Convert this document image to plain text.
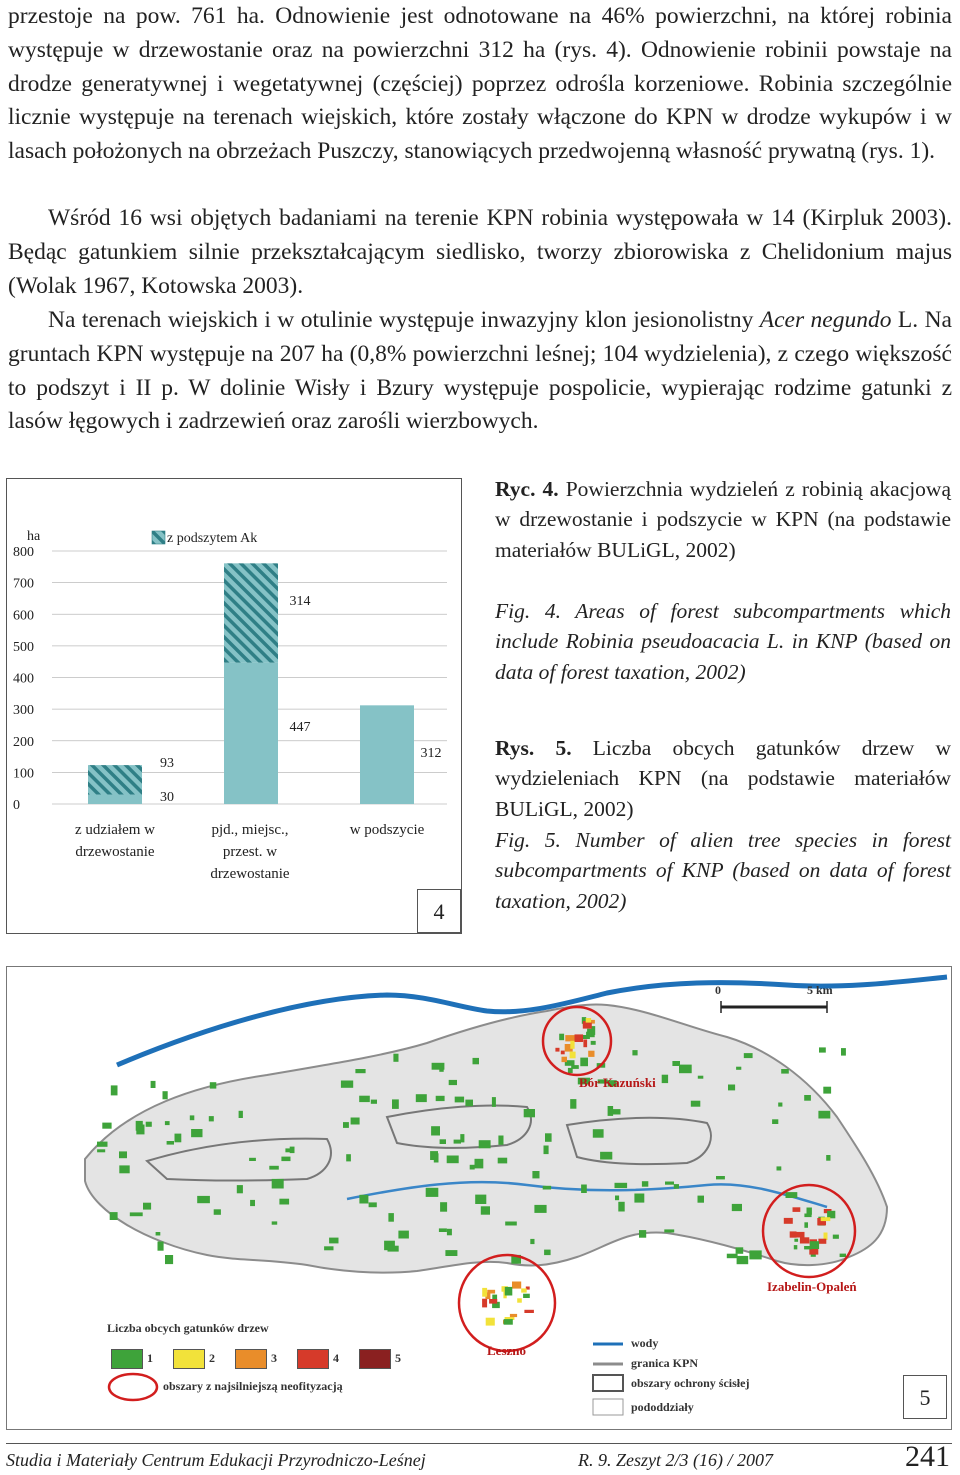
przestoje na pow. 761 ha. Odnowienie jest odnotowane na 46% powierzchni, na której robinia występuje w drzewostanie oraz na powierzchni 312 ha (rys. 4). Odnowienie robinii powstaje na drodze generatywnej i wegetatywnej (częściej) poprzez odrośla korzeniowe. Robinia szczególnie licznie występuje na terenach wiejskich, które zostały włączone do KPN w drodze wykupów i w lasach położonych na obrzeżach Puszczy, stanowiących przedwojenną własność prywatną (rys. 1).

Wśród 16 wsi objętych badaniami na terenie KPN robinia występowała w 14 (Kirpluk 2003). Będąc gatunkiem silnie przekształcającym siedlisko, tworzy zbiorowiska z Chelidonium majus (Wolak 1967, Kotowska 2003).

Na terenach wiejskich i w otulinie występuje inwazyjny klon jesionolistny Acer negundo L. Na gruntach KPN występuje na 207 ha (0,8% powierzchni leśnej; 104 wydzielenia), z czego większość to podszyt i II p. W dolinie Wisły i Bzury występuje pospolicie, wypierając rodzime gatunki z lasów łęgowych i zadrzewień oraz zarośli wierzbowych.

0
100
200
300
400
500
600
700
800
30
93
447
314
312
z podszytem Ak
ha
z udziałem w drzewostanie
pjd., miejsc., przest. w drzewostanie
w podszycie
4

Ryc. 4. Powierzchnia wydzieleń z robinią akacjową w drzewostanie i podszycie w KPN (na podstawie materiałów BULiGL, 2002)

Fig. 4. Areas of forest subcompartments which include Robinia pseudoacacia L. in KNP (based on data of forest taxation, 2002)

Rys. 5. Liczba obcych gatunków drzew w wydzieleniach KPN (na podstawie materiałów BULiGL, 2002)

Fig. 5. Number of alien tree species in forest subcompartments of KNP (based on data of forest taxation, 2002)

0	5 km
Bór Kazuński
Leszno
Izabelin-Opaleń
Liczba obcych gatunków drzew
1	2	3	4	5
obszary z najsilniejszą neofityzacją
wody
granica KPN
obszary ochrony ścisłej
pododdziały	5
Studia i Materiały Centrum Edukacji Przyrodniczo-Leśnej	R. 9. Zeszyt 2/3 (16) / 2007	241
